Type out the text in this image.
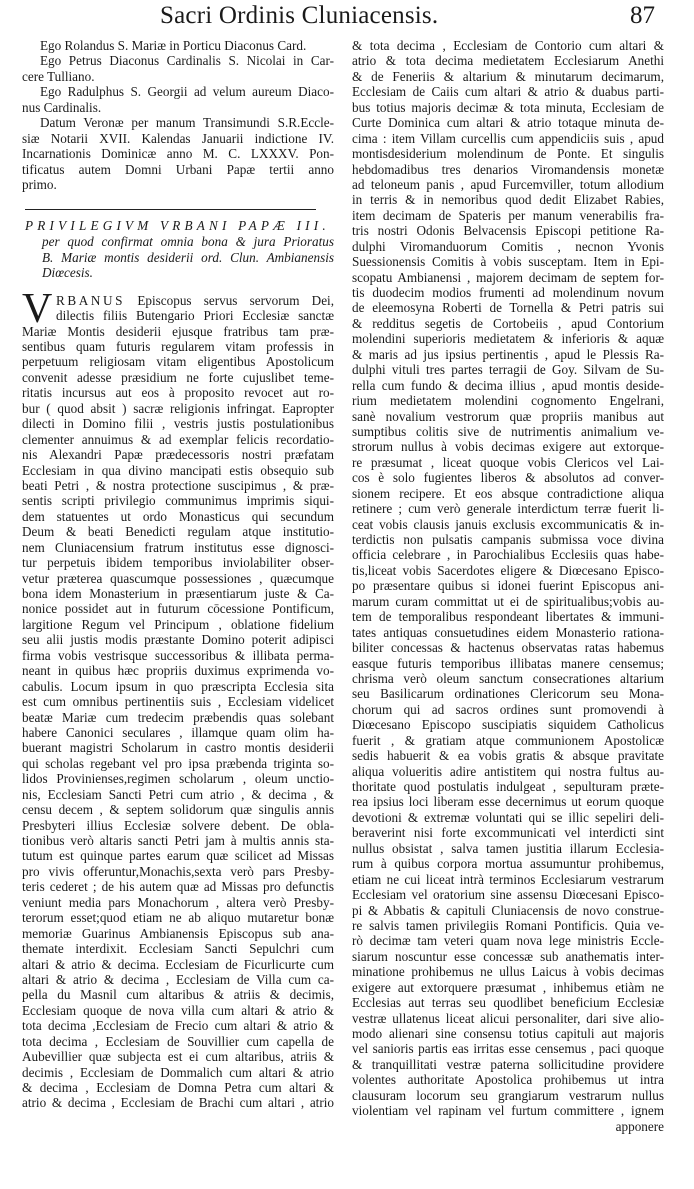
Sacri Ordinis Cluniacensis.	87
Ego Rolandus S. Mariæ in Porticu Diaconus Card.
Ego Petrus Diaconus Cardinalis S. Nicolai in Car-
cere Tulliano.
Ego Radulphus S. Georgii ad velum aureum Diaco-
nus Cardinalis.
Datum Veronæ per manum Transimundi S.R.Eccle-
siæ Notarii XVII. Kalendas Januarii indictione IV.
Incarnationis Dominicæ anno M. C. LXXXV. Pon-
tificatus autem Domni Urbani Papæ tertii anno
primo.
PRIVILEGIVM VRBANI PAPÆ III.
per quod confirmat omnia bona & jura Prioratus
B. Mariæ montis desiderii ord. Clun. Ambianensis
Diœcesis.
V RBANUS Episcopus servus servorum Dei,
dilectis filiis Butengario Priori Ecclesiæ sanctæ
Mariæ Montis desiderii ejusque fratribus tam præ-
sentibus quam futuris regularem vitam professis in
perpetuum religiosam vitam eligentibus Apostolicum
convenit adesse præsidium ne forte cujuslibet teme-
ritatis incursus aut eos à proposito revocet aut ro-
bur ( quod absit ) sacræ religionis infringat. Eapropter
dilecti in Domino filii , vestris justis postulationibus
clementer annuimus & ad exemplar felicis recordatio-
nis Alexandri Papæ prædecessoris nostri præfatam
Ecclesiam in qua divino mancipati estis obsequio sub
beati Petri , & nostra protectione suscipimus , & præ-
sentis scripti privilegio communimus imprimis siqui-
dem statuentes ut ordo Monasticus qui secundum
Deum & beati Benedicti regulam atque institutio-
nem Cluniacensium fratrum institutus esse dignosci-
tur perpetuis ibidem temporibus inviolabiliter obser-
vetur præterea quascumque possessiones , quæcumque
bona idem Monasterium in præsentiarum juste & Ca-
nonice possidet aut in futurum cōcessione Pontificum,
largitione Regum vel Principum , oblatione fidelium
seu alii justis modis præstante Domino poterit adipisci
firma vobis vestrisque successoribus & illibata perma-
neant in quibus hæc propriis duximus exprimenda vo-
cabulis. Locum ipsum in quo præscripta Ecclesia sita
est cum omnibus pertinentiis suis , Ecclesiam videlicet
beatæ Mariæ cum tredecim præbendis quas solebant
habere Canonici seculares , illamque quam olim ha-
buerant magistri Scholarum in castro montis desiderii
qui scholas regebant vel pro ipsa præbenda triginta so-
lidos Provinienses,regimen scholarum , oleum unctio-
nis, Ecclesiam Sancti Petri cum atrio , & decima , &
censu decem , & septem solidorum quæ singulis annis
Presbyteri illius Ecclesiæ solvere debent. De obla-
tionibus verò altaris sancti Petri jam à multis annis sta-
tutum est quinque partes earum quæ scilicet ad Missas
pro vivis offeruntur,Monachis,sexta verò pars Presby-
teris cederet ; de his autem quæ ad Missas pro defunctis
veniunt media pars Monachorum , altera verò Presby-
terorum esset;quod etiam ne ab aliquo mutaretur bonæ
memoriæ Guarinus Ambianensis Episcopus sub ana-
themate interdixit. Ecclesiam Sancti Sepulchri cum
altari & atrio & decima. Ecclesiam de Ficurlicurte cum
altari & atrio & decima , Ecclesiam de Villa cum ca-
pella du Masnil cum altaribus & atriis & decimis,
Ecclesiam quoque de nova villa cum altari & atrio &
tota decima ,Ecclesiam de Frecio cum altari & atrio &
tota decima , Ecclesiam de Souvillier cum capella de
Aubevillier quæ subjecta est ei cum altaribus, atriis &
decimis , Ecclesiam de Dommalich cum altari & atrio
& decima , Ecclesiam de Domna Petra cum altari &
atrio & decima , Ecclesiam de Brachi cum altari , atrio
& tota decima , Ecclesiam de Contorio cum altari &
atrio & tota decima medietatem Ecclesiarum Anethi
& de Feneriis & altarium & minutarum decimarum,
Ecclesiam de Caiis cum altari & atrio & duabus parti-
bus totius majoris decimæ & tota minuta, Ecclesiam de
Curte Dominica cum altari & atrio totaque minuta de-
cima : item Villam curcellis cum appendiciis suis , apud
montisdesiderium molendinum de Ponte. Et singulis
hebdomadibus tres denarios Viromandensis monetæ
ad teloneum panis , apud Furcemviller, totum allodium
in terris & in nemoribus quod dedit Elizabet Rabies,
item decimam de Spateris per manum venerabilis fra-
tris nostri Odonis Belvacensis Episcopi petitione Ra-
dulphi Viromanduorum Comitis , necnon Yvonis
Suessionensis Comitis à vobis susceptam. Item in Epi-
scopatu Ambianensi , majorem decimam de septem for-
tis duodecim modios frumenti ad molendinum novum
de eleemosyna Roberti de Tornella & Petri patris sui
& redditus segetis de Cortobeiis , apud Contorium
molendini superioris medietatem & inferioris & aquæ
& maris ad jus ipsius pertinentis , apud le Plessis Ra-
dulphi vituli tres partes terragii de Goy. Silvam de Su-
rella cum fundo & decima illius , apud montis deside-
rium medietatem molendini cognomento Engelrani,
sanè novalium vestrorum quæ propriis manibus aut
sumptibus colitis sive de nutrimentis animalium ve-
strorum nullus à vobis decimas exigere aut extorque-
re præsumat , liceat quoque vobis Clericos vel Lai-
cos è solo fugientes liberos & absolutos ad conver-
sionem recipere. Et eos absque contradictione aliqua
retinere ; cum verò generale interdictum terræ fuerit li-
ceat vobis clausis januis exclusis excommunicatis & in-
terdictis non pulsatis campanis submissa voce divina
officia celebrare , in Parochialibus Ecclesiis quas habe-
tis,liceat vobis Sacerdotes eligere & Diœcesano Episco-
po præsentare quibus si idonei fuerint Episcopus ani-
marum curam committat ut ei de spiritualibus;vobis au-
tem de temporalibus respondeant libertates & immuni-
tates antiquas consuetudines eidem Monasterio rationa-
biliter concessas & hactenus observatas ratas habemus
easque futuris temporibus illibatas manere censemus;
chrisma verò oleum sanctum consecrationes altarium
seu Basilicarum ordinationes Clericorum seu Mona-
chorum qui ad sacros ordines sunt promovendi à
Diœcesano Episcopo suscipiatis siquidem Catholicus
fuerit , & gratiam atque communionem Apostolicæ
sedis habuerit & ea vobis gratis & absque pravitate
aliqua volueritis adire antistitem qui nostra fultus au-
thoritate quod postulatis indulgeat , sepulturam præte-
rea ipsius loci liberam esse decernimus ut eorum quoque
devotioni & extremæ voluntati qui se illic sepeliri deli-
beraverint nisi forte excommunicati vel interdicti sint
nullus obsistat , salva tamen justitia illarum Ecclesia-
rum à quibus corpora mortua assumuntur prohibemus,
etiam ne cui liceat intrà terminos Ecclesiarum vestrarum
Ecclesiam vel oratorium sine assensu Diœcesani Episco-
pi & Abbatis & capituli Cluniacensis de novo construe-
re salvis tamen privilegiis Romani Pontificis. Quia ve-
rò decimæ tam veteri quam nova lege ministris Eccle-
siarum noscuntur esse concessæ sub anathematis inter-
minatione prohibemus ne ullus Laicus à vobis decimas
exigere aut extorquere præsumat , inhibemus etiàm ne
Ecclesias aut terras seu quodlibet beneficium Ecclesiæ
vestræ ullatenus liceat alicui personaliter, dari sive alio-
modo alienari sine consensu totius capituli aut majoris
vel sanioris partis eas irritas esse censemus , paci quoque
& tranquillitati vestræ paterna sollicitudine providere
volentes authoritate Apostolica prohibemus ut intra
clausuram locorum seu grangiarum vestrarum nullus
violentiam vel rapinam vel furtum committere , ignem
apponere
